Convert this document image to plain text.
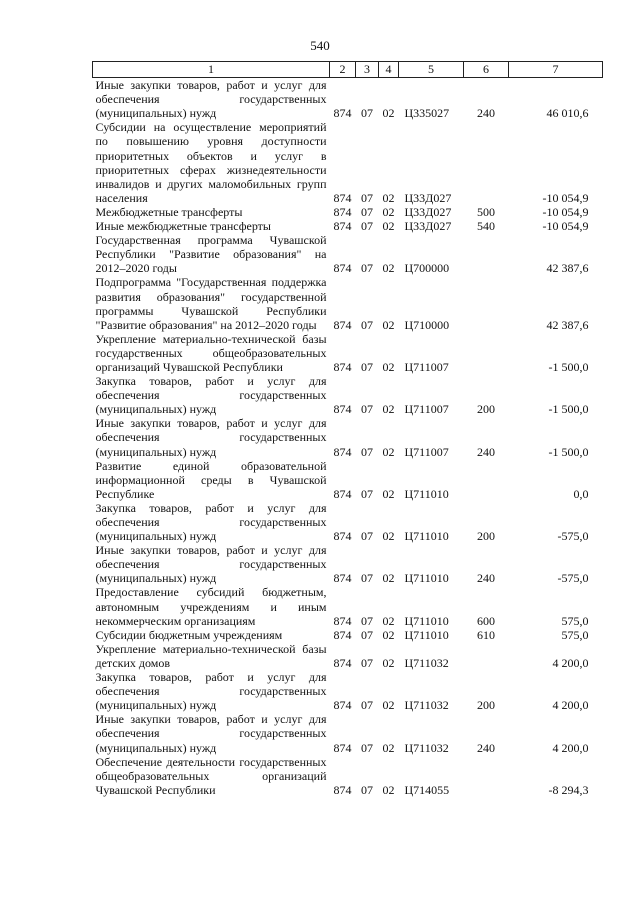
540
1	2	3	4	5	6	7
Иные закупки товаров, работ и услуг для обеспечения государственных (муниципальных) нужд	874	07	02	Ц335027	240	46 010,6
Субсидии на осуществление мероприятий по повышению уровня доступности приоритетных объектов и услуг в приоритетных сферах жизнедеятельности инвалидов и других маломобильных групп населения	874	07	02	Ц33Д027		-10 054,9
Межбюджетные трансферты	874	07	02	Ц33Д027	500	-10 054,9
Иные межбюджетные трансферты	874	07	02	Ц33Д027	540	-10 054,9
Государственная программа Чувашской Республики "Развитие образования" на 2012–2020 годы	874	07	02	Ц700000		42 387,6
Подпрограмма "Государственная поддержка развития образования" государственной программы Чувашской Республики "Развитие образования" на 2012–2020 годы	874	07	02	Ц710000		42 387,6
Укрепление материально-технической базы государственных общеобразовательных организаций Чувашской Республики	874	07	02	Ц711007		-1 500,0
Закупка товаров, работ и услуг для обеспечения государственных (муниципальных) нужд	874	07	02	Ц711007	200	-1 500,0
Иные закупки товаров, работ и услуг для обеспечения государственных (муниципальных) нужд	874	07	02	Ц711007	240	-1 500,0
Развитие единой образовательной информационной среды в Чувашской Республике	874	07	02	Ц711010		0,0
Закупка товаров, работ и услуг для обеспечения государственных (муниципальных) нужд	874	07	02	Ц711010	200	-575,0
Иные закупки товаров, работ и услуг для обеспечения государственных (муниципальных) нужд	874	07	02	Ц711010	240	-575,0
Предоставление субсидий бюджетным, автономным учреждениям и иным некоммерческим организациям	874	07	02	Ц711010	600	575,0
Субсидии бюджетным учреждениям	874	07	02	Ц711010	610	575,0
Укрепление материально-технической базы детских домов	874	07	02	Ц711032		4 200,0
Закупка товаров, работ и услуг для обеспечения государственных (муниципальных) нужд	874	07	02	Ц711032	200	4 200,0
Иные закупки товаров, работ и услуг для обеспечения государственных (муниципальных) нужд	874	07	02	Ц711032	240	4 200,0
Обеспечение деятельности государственных общеобразовательных организаций Чувашской Республики	874	07	02	Ц714055		-8 294,3
